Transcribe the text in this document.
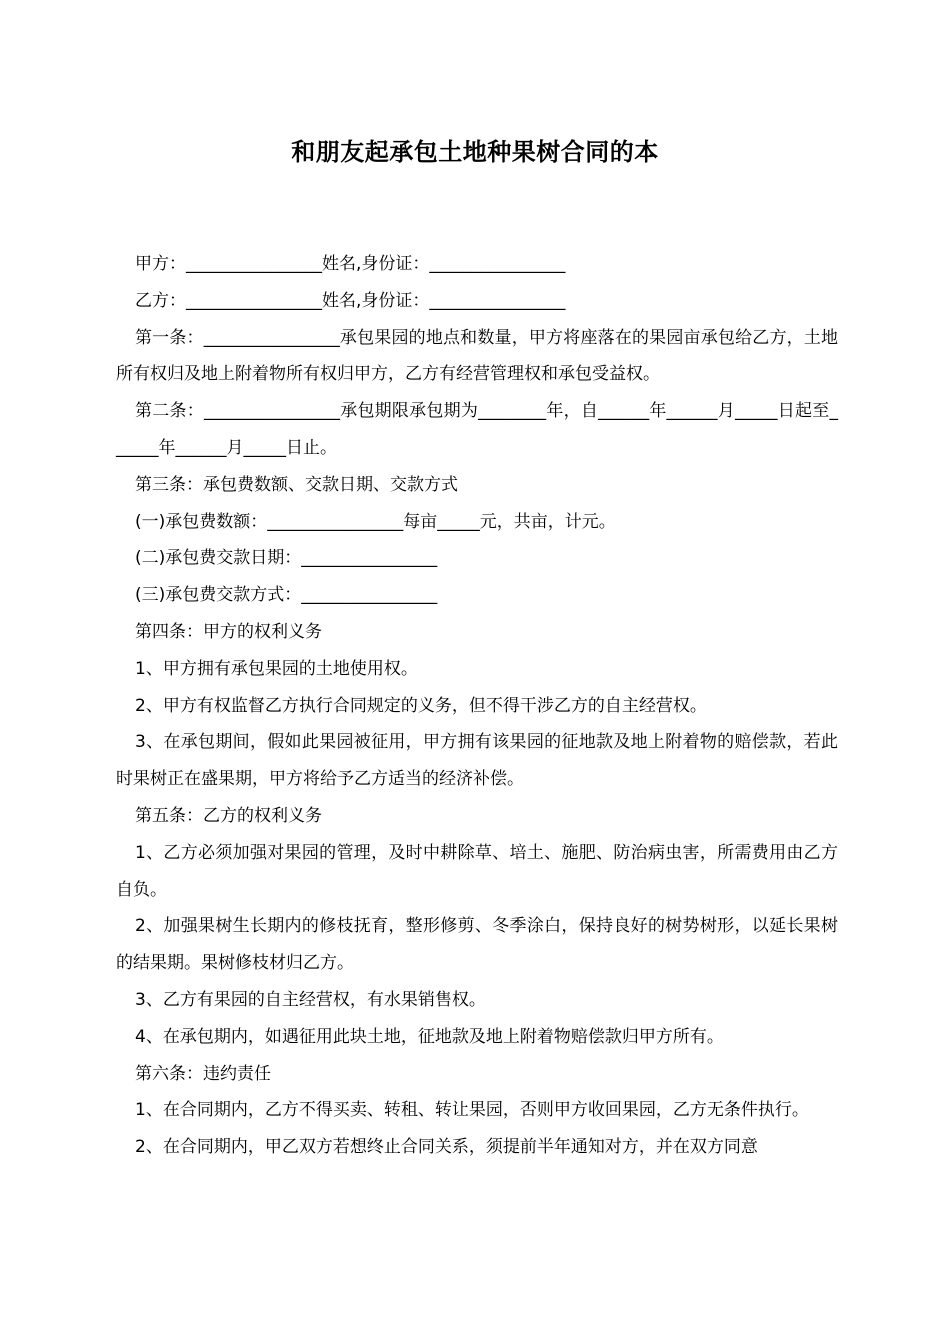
和朋友起承包土地种果树合同的本

甲方：________________姓名,身份证：________________

乙方：________________姓名,身份证：________________

第一条：________________承包果园的地点和数量，甲方将座落在的果园亩承包给乙方，土地所有权归及地上附着物所有权归甲方，乙方有经营管理权和承包受益权。

第二条：________________承包期限承包期为________年，自______年______月_____日起至______年______月_____日止。

第三条：承包费数额、交款日期、交款方式

(一)承包费数额：________________每亩_____元，共亩，计元。

(二)承包费交款日期：________________

(三)承包费交款方式：________________

第四条：甲方的权利义务

1、甲方拥有承包果园的土地使用权。

2、甲方有权监督乙方执行合同规定的义务，但不得干涉乙方的自主经营权。

3、在承包期间，假如此果园被征用，甲方拥有该果园的征地款及地上附着物的赔偿款，若此时果树正在盛果期，甲方将给予乙方适当的经济补偿。

第五条：乙方的权利义务

1、乙方必须加强对果园的管理，及时中耕除草、培土、施肥、防治病虫害，所需费用由乙方自负。

2、加强果树生长期内的修枝抚育，整形修剪、冬季涂白，保持良好的树势树形，以延长果树的结果期。果树修枝材归乙方。

3、乙方有果园的自主经营权，有水果销售权。

4、在承包期内，如遇征用此块土地，征地款及地上附着物赔偿款归甲方所有。

第六条：违约责任

1、在合同期内，乙方不得买卖、转租、转让果园，否则甲方收回果园，乙方无条件执行。

2、在合同期内，甲乙双方若想终止合同关系，须提前半年通知对方，并在双方同意
